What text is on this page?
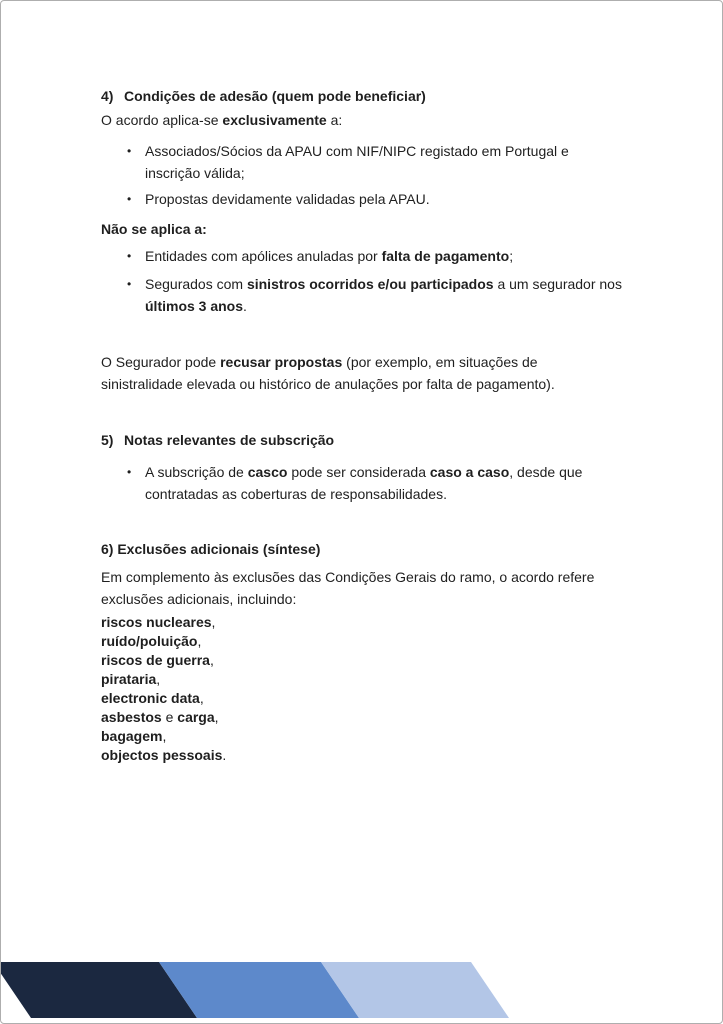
4) Condições de adesão (quem pode beneficiar)
O acordo aplica-se exclusivamente a:
• Associados/Sócios da APAU com NIF/NIPC registado em Portugal e
inscrição válida;
• Propostas devidamente validadas pela APAU.
Não se aplica a:
• Entidades com apólices anuladas por falta de pagamento;
• Segurados com sinistros ocorridos e/ou participados a um segurador nos
últimos 3 anos.
O Segurador pode recusar propostas (por exemplo, em situações de
sinistralidade elevada ou histórico de anulações por falta de pagamento).
5) Notas relevantes de subscrição
• A subscrição de casco pode ser considerada caso a caso, desde que
contratadas as coberturas de responsabilidades.
6) Exclusões adicionais (síntese)
Em complemento às exclusões das Condições Gerais do ramo, o acordo refere
exclusões adicionais, incluindo:
riscos nucleares,
ruído/poluição,
riscos de guerra,
pirataria,
electronic data,
asbestos e carga,
bagagem,
objectos pessoais.
